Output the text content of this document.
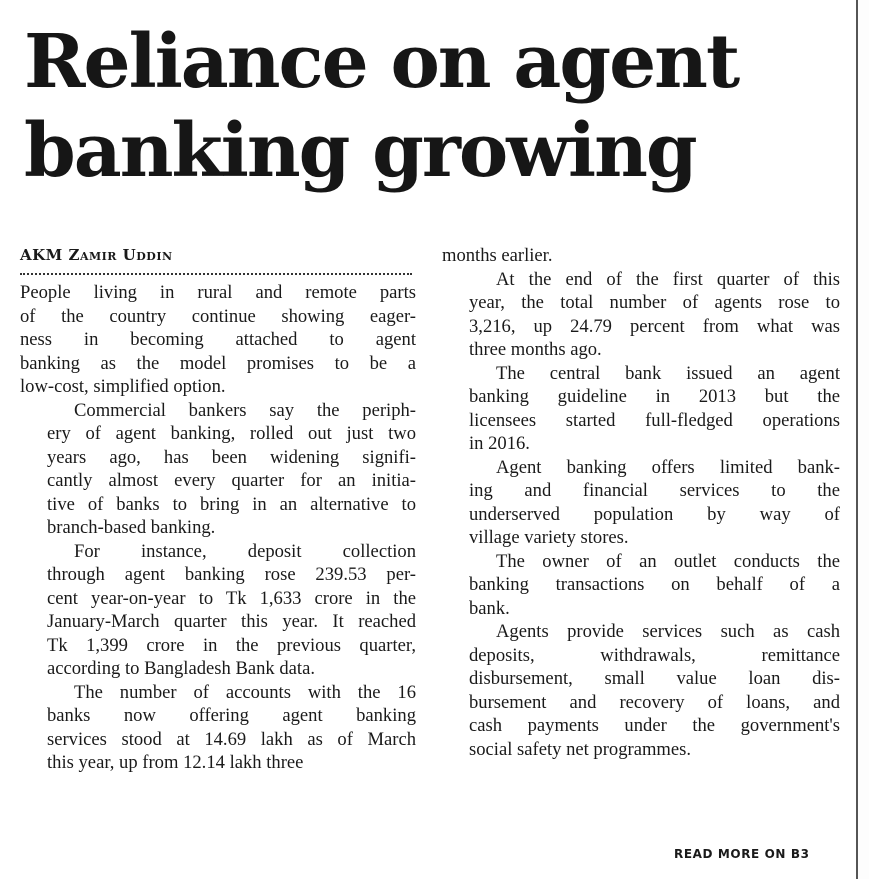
Reliance on agent
banking growing
AKM Zamir Uddin

People living in rural and remote parts
of the country continue showing eager-
ness in becoming attached to agent
banking as the model promises to be a
low-cost, simplified option.

Commercial bankers say the periph-
ery of agent banking, rolled out just two
years ago, has been widening signifi-
cantly almost every quarter for an initia-
tive of banks to bring in an alternative to
branch-based banking.

For instance, deposit collection
through agent banking rose 239.53 per-
cent year-on-year to Tk 1,633 crore in the
January-March quarter this year. It reached
Tk 1,399 crore in the previous quarter,
according to Bangladesh Bank data.

The number of accounts with the 16
banks now offering agent banking
services stood at 14.69 lakh as of March
this year, up from 12.14 lakh three

months earlier.

At the end of the first quarter of this
year, the total number of agents rose to
3,216, up 24.79 percent from what was
three months ago.

The central bank issued an agent
banking guideline in 2013 but the
licensees started full-fledged operations
in 2016.

Agent banking offers limited bank-
ing and financial services to the
underserved population by way of
village variety stores.

The owner of an outlet conducts the
banking transactions on behalf of a
bank.

Agents provide services such as cash
deposits, withdrawals, remittance
disbursement, small value loan dis-
bursement and recovery of loans, and
cash payments under the government's
social safety net programmes.

READ MORE ON B3
